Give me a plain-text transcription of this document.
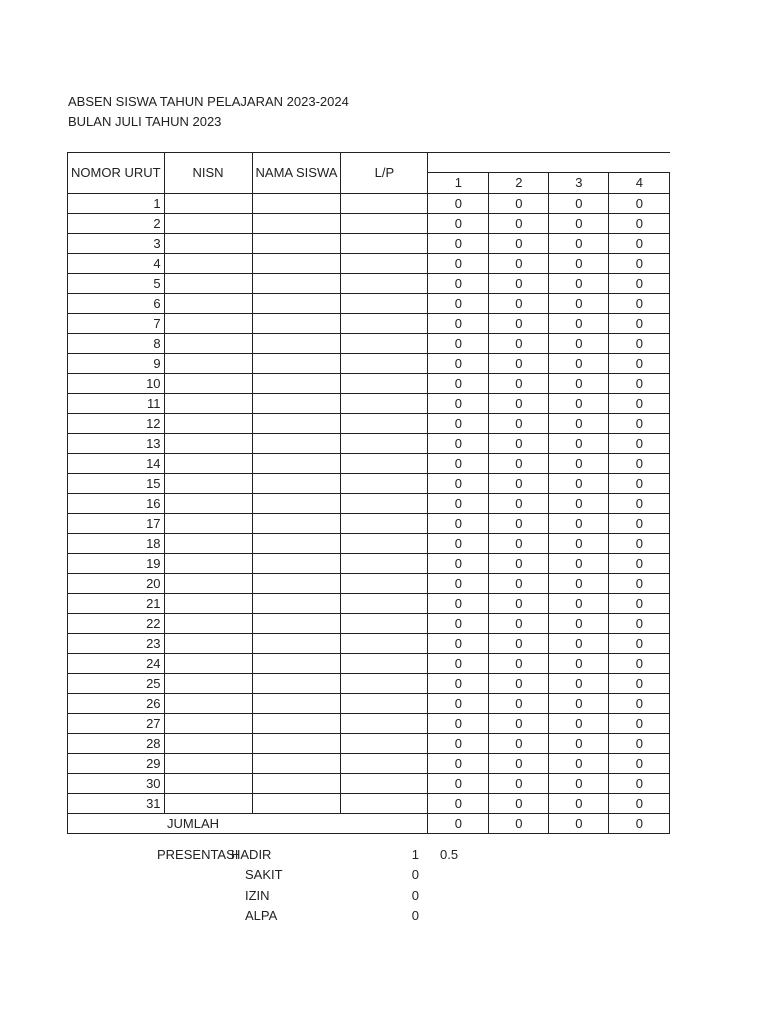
ABSEN SISWA TAHUN PELAJARAN 2023-2024
BULAN JULI TAHUN 2023
NOMOR URUT	NISN	NAMA SISWA	L/P				
				1	2	3	4
1				0	0	0	0
2				0	0	0	0
3				0	0	0	0
4				0	0	0	0
5				0	0	0	0
6				0	0	0	0
7				0	0	0	0
8				0	0	0	0
9				0	0	0	0
10				0	0	0	0
11				0	0	0	0
12				0	0	0	0
13				0	0	0	0
14				0	0	0	0
15				0	0	0	0
16				0	0	0	0
17				0	0	0	0
18				0	0	0	0
19				0	0	0	0
20				0	0	0	0
21				0	0	0	0
22				0	0	0	0
23				0	0	0	0
24				0	0	0	0
25				0	0	0	0
26				0	0	0	0
27				0	0	0	0
28				0	0	0	0
29				0	0	0	0
30				0	0	0	0
31				0	0	0	0
	JUMLAH			0	0	0	0
PRESENTASI
HADIR	1 0.5
SAKIT	0
IZIN	0
ALPA	0
